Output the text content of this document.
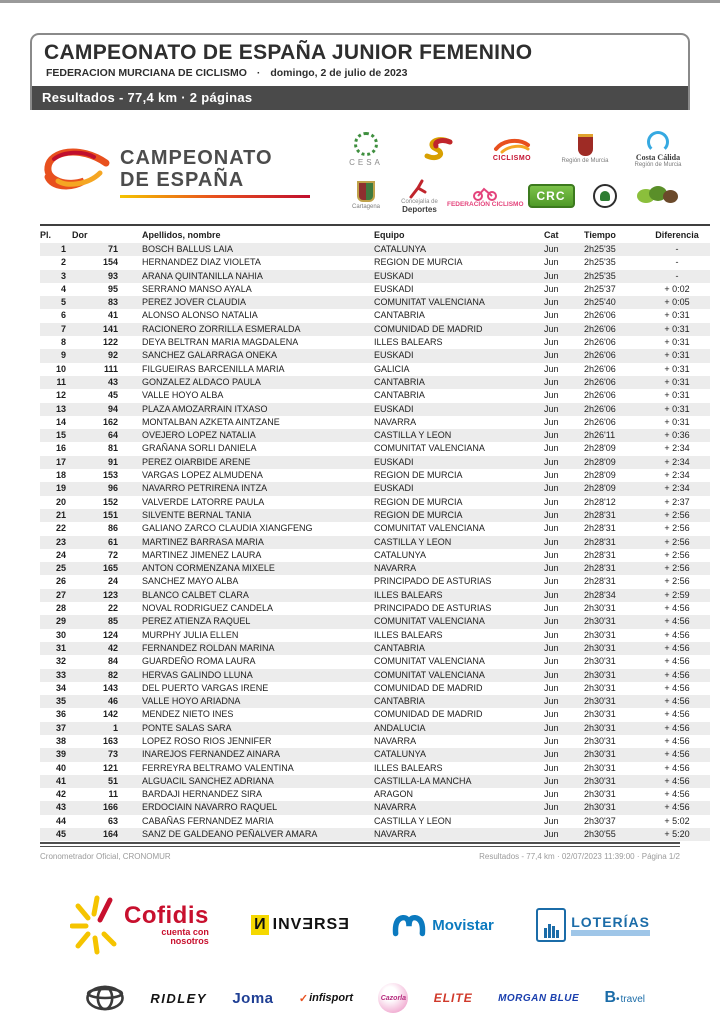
CAMPEONATO DE ESPAÑA JUNIOR FEMENINO
FEDERACION MURCIANA DE CICLISMO · domingo, 2 de julio de 2023
Resultados - 77,4 km · 2 páginas
CAMPEONATO
DE ESPAÑA
CESA	CICLISMO	Región de Murcia	Costa Cálida
Región de Murcia
Cartagena
Concejalía de
Deportes
FEDERACIÓN CICLISMO
CRC
Pl.	Dor	Apellidos, nombre	Equipo	Cat	Tiempo	Diferencia
1	71	BOSCH BALLUS LAIA	CATALUNYA	Jun	2h25'35	-
2	154	HERNANDEZ DIAZ VIOLETA	REGION DE MURCIA	Jun	2h25'35	-
3	93	ARANA QUINTANILLA NAHIA	EUSKADI	Jun	2h25'35	-
4	95	SERRANO MANSO AYALA	EUSKADI	Jun	2h25'37	+ 0:02
5	83	PEREZ JOVER CLAUDIA	COMUNITAT VALENCIANA	Jun	2h25'40	+ 0:05
6	41	ALONSO ALONSO NATALIA	CANTABRIA	Jun	2h26'06	+ 0:31
7	141	RACIONERO ZORRILLA ESMERALDA	COMUNIDAD DE MADRID	Jun	2h26'06	+ 0:31
8	122	DEYA BELTRAN MARIA MAGDALENA	ILLES BALEARS	Jun	2h26'06	+ 0:31
9	92	SANCHEZ GALARRAGA ONEKA	EUSKADI	Jun	2h26'06	+ 0:31
10	111	FILGUEIRAS BARCENILLA MARIA	GALICIA	Jun	2h26'06	+ 0:31
11	43	GONZALEZ ALDACO PAULA	CANTABRIA	Jun	2h26'06	+ 0:31
12	45	VALLE HOYO ALBA	CANTABRIA	Jun	2h26'06	+ 0:31
13	94	PLAZA AMOZARRAIN ITXASO	EUSKADI	Jun	2h26'06	+ 0:31
14	162	MONTALBAN AZKETA AINTZANE	NAVARRA	Jun	2h26'06	+ 0:31
15	64	OVEJERO LOPEZ NATALIA	CASTILLA Y LEON	Jun	2h26'11	+ 0:36
16	81	GRAÑANA SORLI DANIELA	COMUNITAT VALENCIANA	Jun	2h28'09	+ 2:34
17	91	PEREZ OIARBIDE ARENE	EUSKADI	Jun	2h28'09	+ 2:34
18	153	VARGAS LOPEZ ALMUDENA	REGION DE MURCIA	Jun	2h28'09	+ 2:34
19	96	NAVARRO PETRIRENA INTZA	EUSKADI	Jun	2h28'09	+ 2:34
20	152	VALVERDE LATORRE PAULA	REGION DE MURCIA	Jun	2h28'12	+ 2:37
21	151	SILVENTE BERNAL TANIA	REGION DE MURCIA	Jun	2h28'31	+ 2:56
22	86	GALIANO ZARCO CLAUDIA XIANGFENG	COMUNITAT VALENCIANA	Jun	2h28'31	+ 2:56
23	61	MARTINEZ BARRASA MARIA	CASTILLA Y LEON	Jun	2h28'31	+ 2:56
24	72	MARTINEZ JIMENEZ LAURA	CATALUNYA	Jun	2h28'31	+ 2:56
25	165	ANTON CORMENZANA MIXELE	NAVARRA	Jun	2h28'31	+ 2:56
26	24	SANCHEZ MAYO ALBA	PRINCIPADO DE ASTURIAS	Jun	2h28'31	+ 2:56
27	123	BLANCO CALBET CLARA	ILLES BALEARS	Jun	2h28'34	+ 2:59
28	22	NOVAL RODRIGUEZ CANDELA	PRINCIPADO DE ASTURIAS	Jun	2h30'31	+ 4:56
29	85	PEREZ ATIENZA RAQUEL	COMUNITAT VALENCIANA	Jun	2h30'31	+ 4:56
30	124	MURPHY JULIA ELLEN	ILLES BALEARS	Jun	2h30'31	+ 4:56
31	42	FERNANDEZ ROLDAN MARINA	CANTABRIA	Jun	2h30'31	+ 4:56
32	84	GUARDEÑO ROMA LAURA	COMUNITAT VALENCIANA	Jun	2h30'31	+ 4:56
33	82	HERVAS GALINDO LLUNA	COMUNITAT VALENCIANA	Jun	2h30'31	+ 4:56
34	143	DEL PUERTO VARGAS IRENE	COMUNIDAD DE MADRID	Jun	2h30'31	+ 4:56
35	46	VALLE HOYO ARIADNA	CANTABRIA	Jun	2h30'31	+ 4:56
36	142	MENDEZ NIETO INES	COMUNIDAD DE MADRID	Jun	2h30'31	+ 4:56
37	1	PONTE SALAS SARA	ANDALUCIA	Jun	2h30'31	+ 4:56
38	163	LOPEZ ROSO RIOS JENNIFER	NAVARRA	Jun	2h30'31	+ 4:56
39	73	INAREJOS FERNANDEZ AINARA	CATALUNYA	Jun	2h30'31	+ 4:56
40	121	FERREYRA BELTRAMO VALENTINA	ILLES BALEARS	Jun	2h30'31	+ 4:56
41	51	ALGUACIL SANCHEZ ADRIANA	CASTILLA-LA MANCHA	Jun	2h30'31	+ 4:56
42	11	BARDAJI HERNANDEZ SIRA	ARAGON	Jun	2h30'31	+ 4:56
43	166	ERDOCIAIN NAVARRO RAQUEL	NAVARRA	Jun	2h30'31	+ 4:56
44	63	CABAÑAS FERNANDEZ MARIA	CASTILLA Y LEON	Jun	2h30'37	+ 5:02
45	164	SANZ DE GALDEANO PEÑALVER AMARA	NAVARRA	Jun	2h30'55	+ 5:20
Cronometrador Oficial, CRONOMUR	Resultados - 77,4 km · 02/07/2023 11:39:00 · Página 1/2
Cofidis
cuenta con
nosotros
И INVƎRSƎ	Movistar	LOTERÍAS
RIDLEY Joma ✓ infisport	Cazorla ELITE	MORGAN BLUE B • travel
